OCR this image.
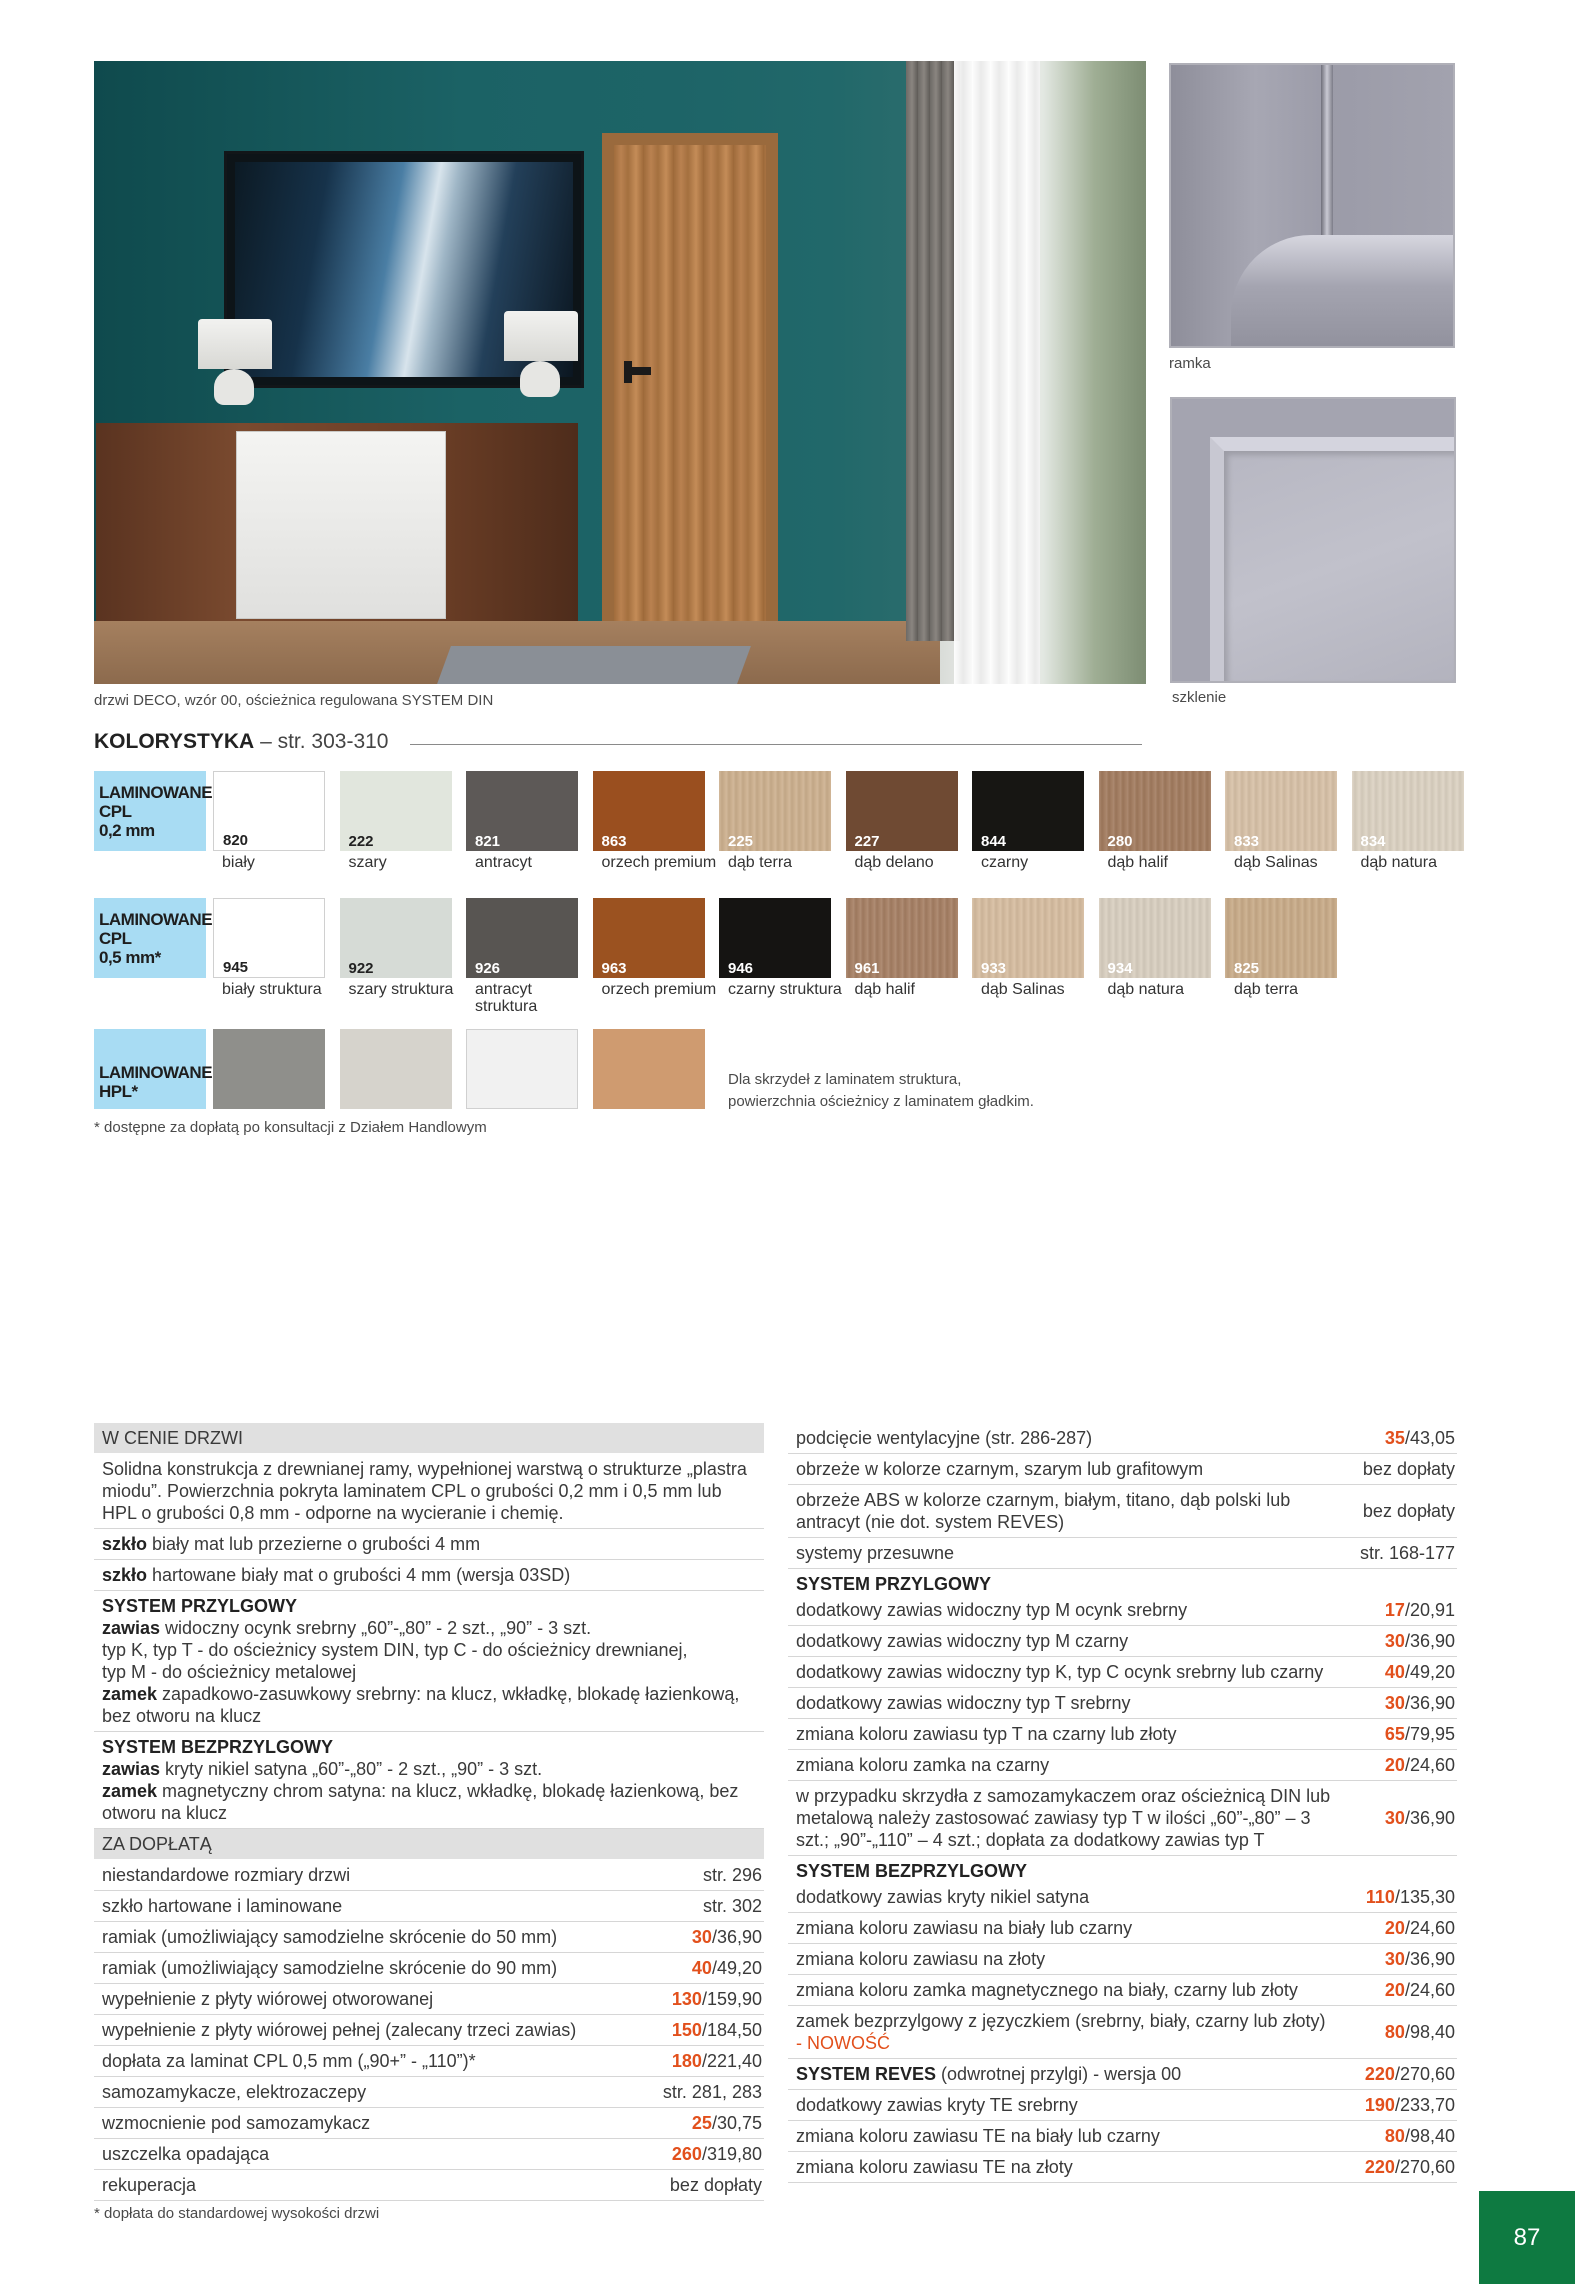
drzwi DECO, wzór 00, ościeżnica regulowana SYSTEM DIN
ramka
szklenie
KOLORYSTYKA – str. 303-310
LAMINOWANE
CPL
0,2 mm
820
biały
222
szary
821
antracyt
863
orzech premium
225
dąb terra
227
dąb delano
844
czarny
280
dąb halif
833
dąb Salinas
834
dąb natura
LAMINOWANE
CPL
0,5 mm*
945
biały struktura
922
szary struktura
926
antracyt struktura
963
orzech premium
946
czarny struktura
961
dąb halif
933
dąb Salinas
934
dąb natura
825
dąb terra
LAMINOWANE
HPL*
Dla skrzydeł z laminatem struktura,
powierzchnia ościeżnicy z laminatem gładkim.
* dostępne za dopłatą po konsultacji z Działem Handlowym
W CENIE DRZWI
Solidna konstrukcja z drewnianej ramy, wypełnionej warstwą o strukturze „plastra miodu”. Powierzchnia pokryta laminatem CPL o grubości 0,2 mm i 0,5 mm lub HPL o grubości 0,8 mm - odporne na wycieranie i chemię.
szkło biały mat lub przezierne o grubości 4 mm
szkło hartowane biały mat o grubości 4 mm (wersja 03SD)
SYSTEM PRZYLGOWY
zawias widoczny ocynk srebrny „60”-„80” - 2 szt., „90” - 3 szt.
typ K, typ T - do ościeżnicy system DIN, typ C - do ościeżnicy drewnianej,
typ M - do ościeżnicy metalowej
zamek zapadkowo-zasuwkowy srebrny: na klucz, wkładkę, blokadę łazienkową, bez otworu na klucz
SYSTEM BEZPRZYLGOWY
zawias kryty nikiel satyna „60”-„80” - 2 szt., „90” - 3 szt.
zamek magnetyczny chrom satyna: na klucz, wkładkę, blokadę łazienkową, bez otworu na klucz
ZA DOPŁATĄ
niestandardowe rozmiary drzwi	str. 296
szkło hartowane i laminowane	str. 302
ramiak (umożliwiający samodzielne skrócenie do 50 mm)	30/36,90
ramiak (umożliwiający samodzielne skrócenie do 90 mm)	40/49,20
wypełnienie z płyty wiórowej otworowanej	130/159,90
wypełnienie z płyty wiórowej pełnej (zalecany trzeci zawias)	150/184,50
dopłata za laminat CPL 0,5 mm („90+” - „110”)*	180/221,40
samozamykacze, elektrozaczepy	str. 281, 283
wzmocnienie pod samozamykacz	25/30,75
uszczelka opadająca	260/319,80
rekuperacja	bez dopłaty
* dopłata do standardowej wysokości drzwi
podcięcie wentylacyjne (str. 286-287)	35/43,05
obrzeże w kolorze czarnym, szarym lub grafitowym	bez dopłaty
obrzeże ABS w kolorze czarnym, białym, titano, dąb polski lub antracyt (nie dot. system REVES)
bez dopłaty
systemy przesuwne	str. 168-177
SYSTEM PRZYLGOWY
dodatkowy zawias widoczny typ M ocynk srebrny	17/20,91
dodatkowy zawias widoczny typ M czarny	30/36,90
dodatkowy zawias widoczny typ K, typ C ocynk srebrny lub czarny	40/49,20
dodatkowy zawias widoczny typ T srebrny	30/36,90
zmiana koloru zawiasu typ T na czarny lub złoty	65/79,95
zmiana koloru zamka na czarny	20/24,60
w przypadku skrzydła z samozamykaczem oraz ościeżnicą DIN lub metalową należy zastosować zawiasy typ T w ilości „60”-„80” – 3 szt.; „90”-„110” – 4 szt.; dopłata za dodatkowy zawias typ T
30/36,90
SYSTEM BEZPRZYLGOWY
dodatkowy zawias kryty nikiel satyna	110/135,30
zmiana koloru zawiasu na biały lub czarny	20/24,60
zmiana koloru zawiasu na złoty	30/36,90
zmiana koloru zamka magnetycznego na biały, czarny lub złoty	20/24,60
zamek bezprzylgowy z języczkiem (srebrny, biały, czarny lub złoty)
- NOWOŚĆ
80/98,40
SYSTEM REVES (odwrotnej przylgi) - wersja 00	220/270,60
dodatkowy zawias kryty TE srebrny	190/233,70
zmiana koloru zawiasu TE na biały lub czarny	80/98,40
zmiana koloru zawiasu TE na złoty	220/270,60
87
